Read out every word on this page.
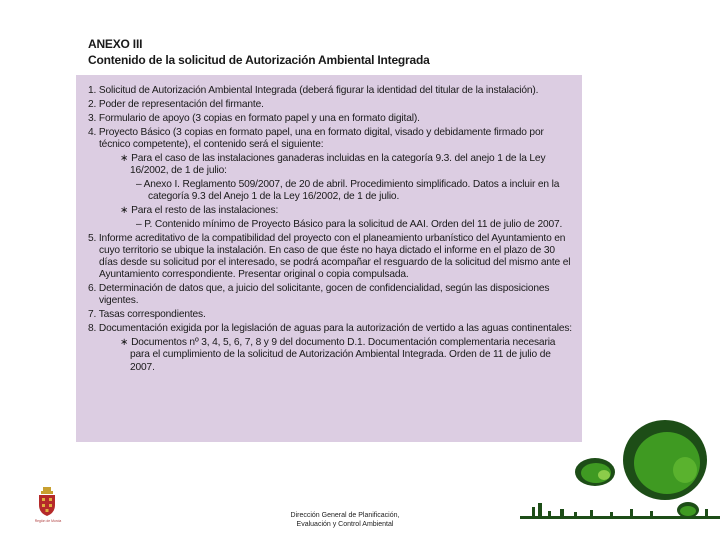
ANEXO III
Contenido de la solicitud de Autorización Ambiental Integrada

1. Solicitud de Autorización Ambiental Integrada (deberá figurar la identidad del titular de la instalación).

2. Poder de representación del firmante.

3. Formulario de apoyo (3 copias en formato papel y una en formato digital).

4. Proyecto Básico (3 copias en formato papel, una en formato digital, visado y debidamente firmado por técnico competente), el contenido será el siguiente:

∗ Para el caso de las instalaciones ganaderas incluidas en la categoría 9.3. del anejo 1 de la Ley 16/2002, de 1 de julio:

– Anexo I. Reglamento 509/2007, de 20 de abril. Procedimiento simplificado. Datos a incluir en la categoría 9.3 del Anejo 1 de la Ley 16/2002, de 1 de julio.

∗ Para el resto de las instalaciones:

– P. Contenido mínimo de Proyecto Básico para la solicitud de AAI. Orden del 11 de julio de 2007.

5. Informe acreditativo de la compatibilidad del proyecto con el planeamiento urbanístico del Ayuntamiento en cuyo territorio se ubique la instalación. En caso de que éste no haya dictado el informe en el plazo de 30 días desde su solicitud por el interesado, se podrá acompañar el resguardo de la solicitud del mismo ante el Ayuntamiento correspondiente. Presentar original o copia compulsada.

6. Determinación de datos que, a juicio del solicitante, gocen de confidencialidad, según las disposiciones vigentes.

7. Tasas correspondientes.

8. Documentación exigida por la legislación de aguas para la autorización de vertido a las aguas continentales:

∗ Documentos nº 3, 4, 5, 6, 7, 8 y 9 del documento D.1. Documentación complementaria necesaria para el cumplimiento de la solicitud de Autorización Ambiental Integrada. Orden de 11 de julio de 2007.

Región de Murcia
Dirección General de Planificación,
Evaluación y Control Ambiental
